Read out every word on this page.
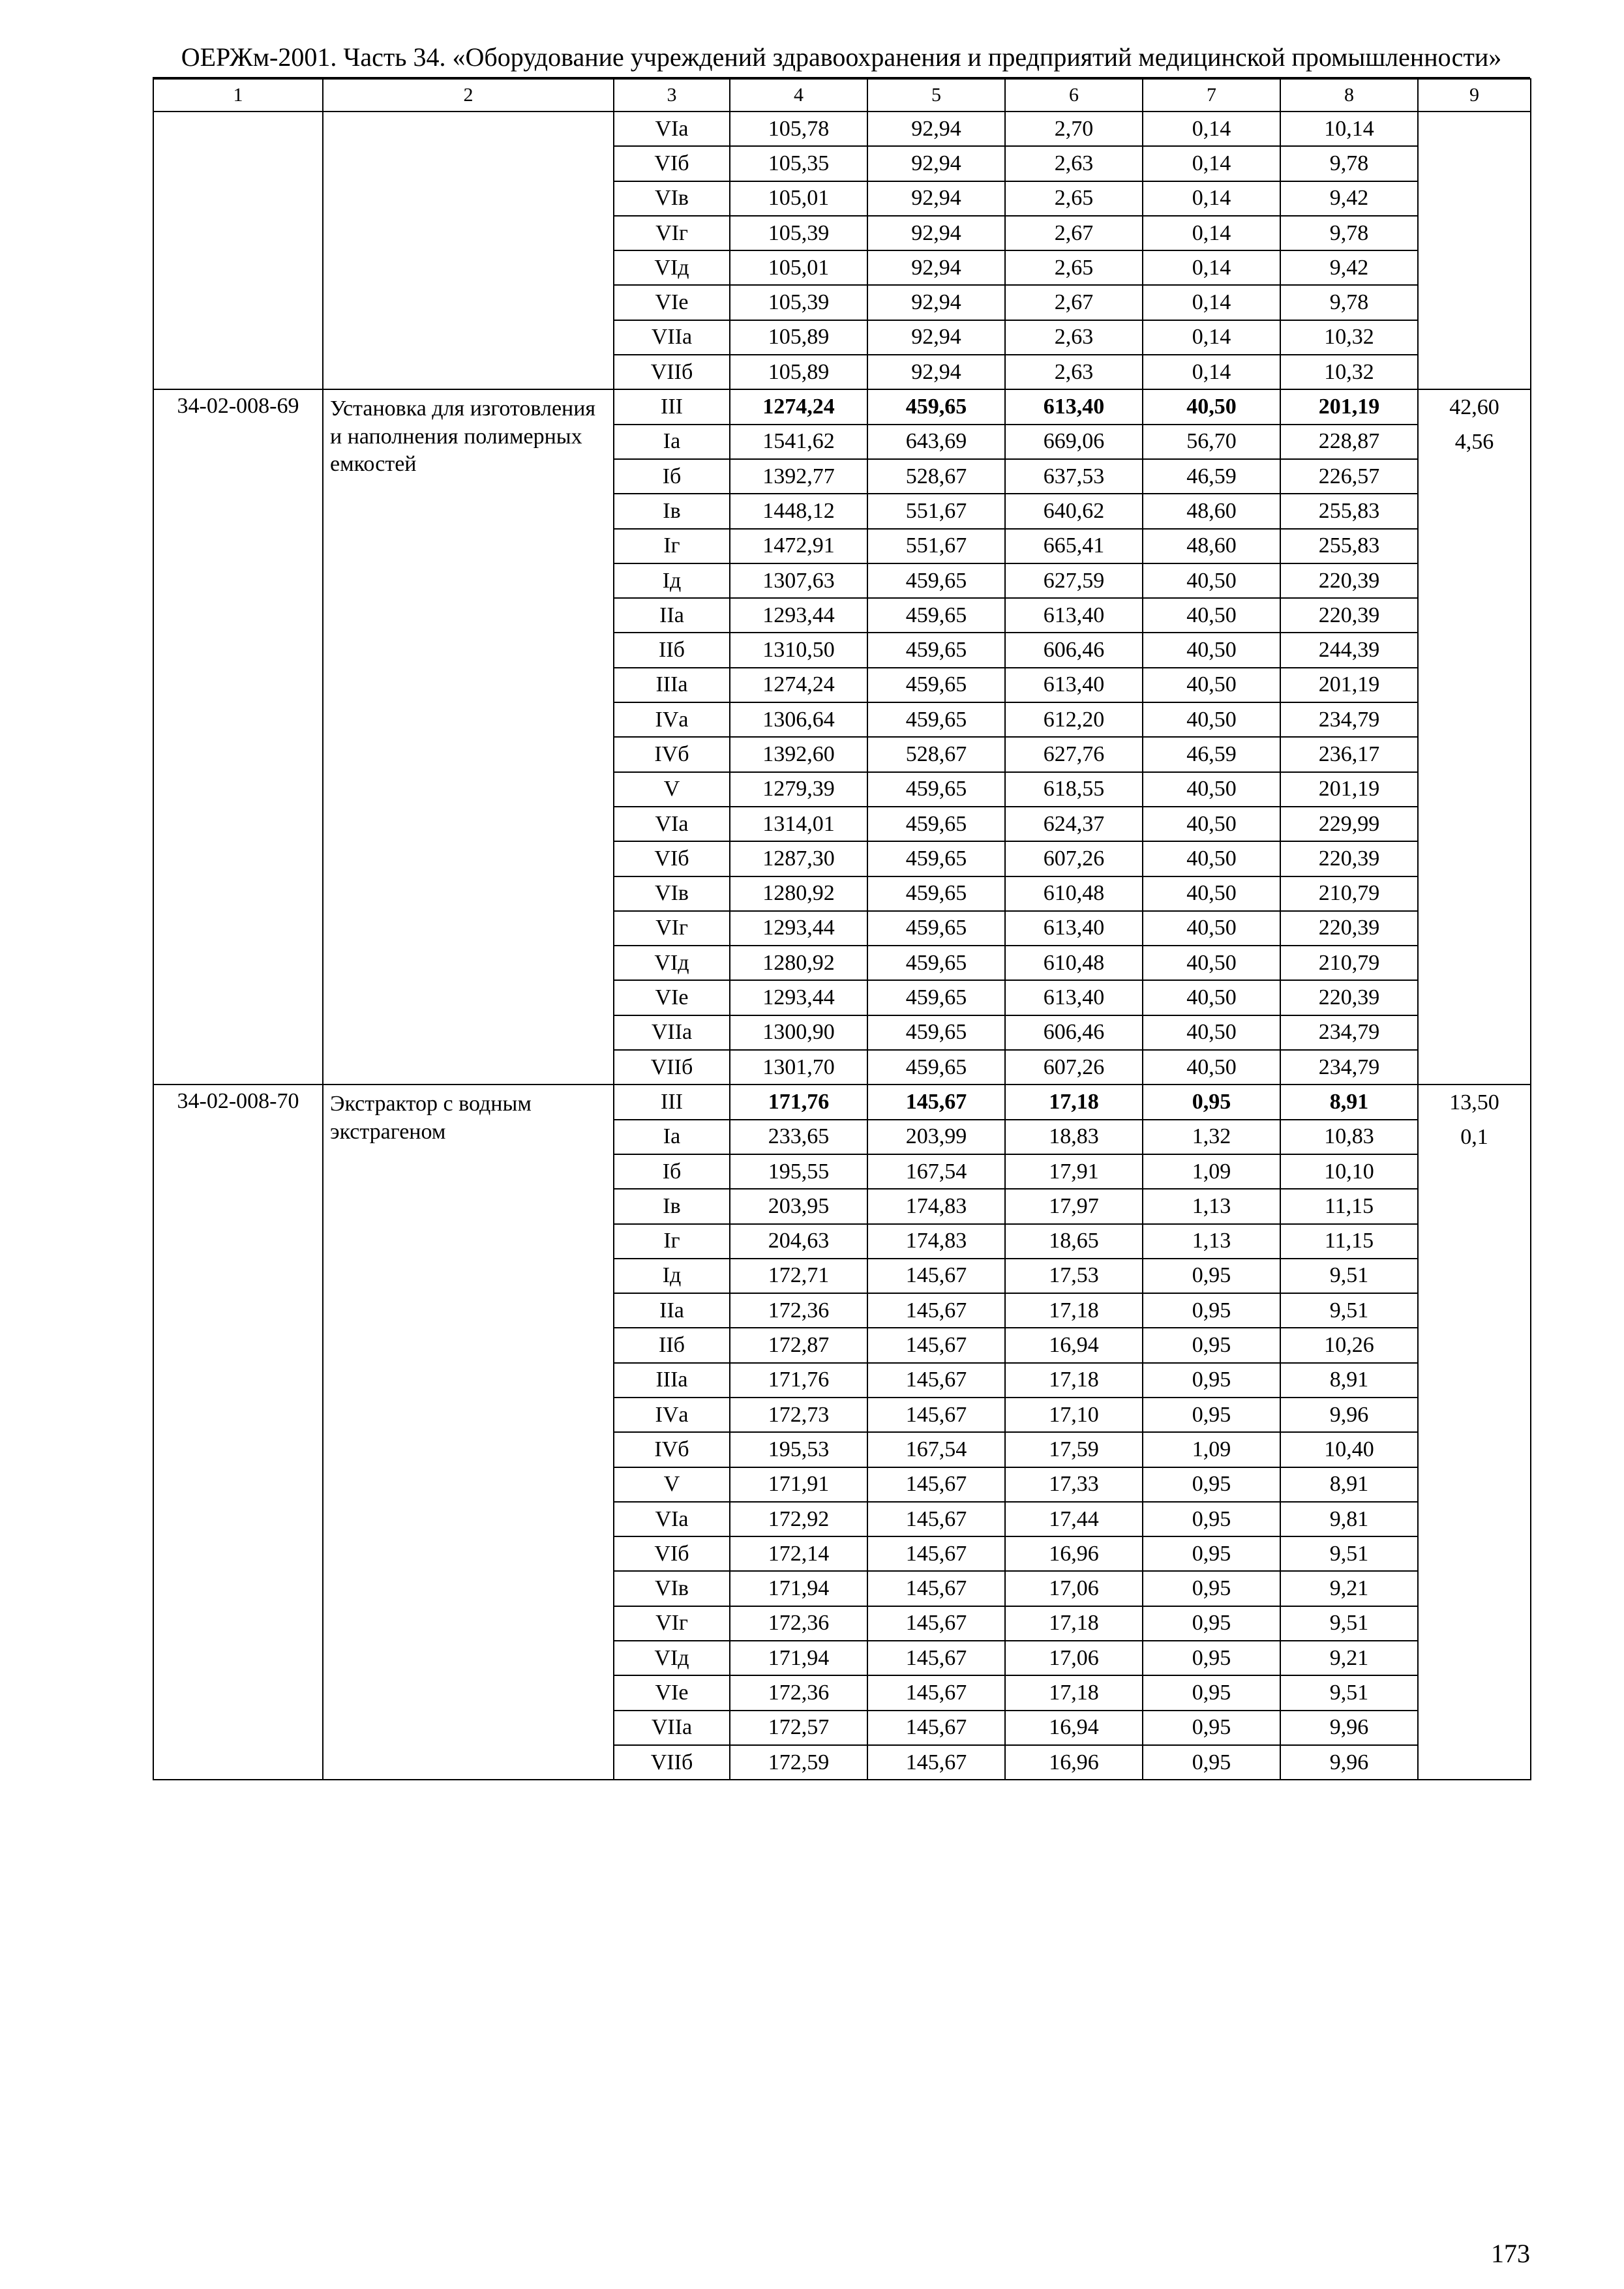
ОЕРЖм-2001. Часть 34. «Оборудование учреждений здравоохранения и предприятий медицинской промышленности»
1	2	3	4	5	6	7	8	9
		VIа	105,78	92,94	2,70	0,14	10,14	
		VIб	105,35	92,94	2,63	0,14	9,78	
		VIв	105,01	92,94	2,65	0,14	9,42	
		VIг	105,39	92,94	2,67	0,14	9,78	
		VIд	105,01	92,94	2,65	0,14	9,42	
		VIе	105,39	92,94	2,67	0,14	9,78	
		VIIа	105,89	92,94	2,63	0,14	10,32	
		VIIб	105,89	92,94	2,63	0,14	10,32	
34-02-008-69	Установка для изготовления и наполнения полимерных емкостей	III	1274,24	459,65	613,40	40,50	201,19	42,60
4,56

		Iа	1541,62	643,69	669,06	56,70	228,87	
		Iб	1392,77	528,67	637,53	46,59	226,57	
		Iв	1448,12	551,67	640,62	48,60	255,83	
		Iг	1472,91	551,67	665,41	48,60	255,83	
		Iд	1307,63	459,65	627,59	40,50	220,39	
		IIа	1293,44	459,65	613,40	40,50	220,39	
		IIб	1310,50	459,65	606,46	40,50	244,39	
		IIIа	1274,24	459,65	613,40	40,50	201,19	
		IVа	1306,64	459,65	612,20	40,50	234,79	
		IVб	1392,60	528,67	627,76	46,59	236,17	
		V	1279,39	459,65	618,55	40,50	201,19	
		VIа	1314,01	459,65	624,37	40,50	229,99	
		VIб	1287,30	459,65	607,26	40,50	220,39	
		VIв	1280,92	459,65	610,48	40,50	210,79	
		VIг	1293,44	459,65	613,40	40,50	220,39	
		VIд	1280,92	459,65	610,48	40,50	210,79	
		VIе	1293,44	459,65	613,40	40,50	220,39	
		VIIа	1300,90	459,65	606,46	40,50	234,79	
		VIIб	1301,70	459,65	607,26	40,50	234,79	
34-02-008-70	Экстрактор с водным экстрагеном	III	171,76	145,67	17,18	0,95	8,91	13,50
0,1

		Iа	233,65	203,99	18,83	1,32	10,83	
		Iб	195,55	167,54	17,91	1,09	10,10	
		Iв	203,95	174,83	17,97	1,13	11,15	
		Iг	204,63	174,83	18,65	1,13	11,15	
		Iд	172,71	145,67	17,53	0,95	9,51	
		IIа	172,36	145,67	17,18	0,95	9,51	
		IIб	172,87	145,67	16,94	0,95	10,26	
		IIIа	171,76	145,67	17,18	0,95	8,91	
		IVа	172,73	145,67	17,10	0,95	9,96	
		IVб	195,53	167,54	17,59	1,09	10,40	
		V	171,91	145,67	17,33	0,95	8,91	
		VIа	172,92	145,67	17,44	0,95	9,81	
		VIб	172,14	145,67	16,96	0,95	9,51	
		VIв	171,94	145,67	17,06	0,95	9,21	
		VIг	172,36	145,67	17,18	0,95	9,51	
		VIд	171,94	145,67	17,06	0,95	9,21	
		VIе	172,36	145,67	17,18	0,95	9,51	
		VIIа	172,57	145,67	16,94	0,95	9,96	
		VIIб	172,59	145,67	16,96	0,95	9,96	
173
